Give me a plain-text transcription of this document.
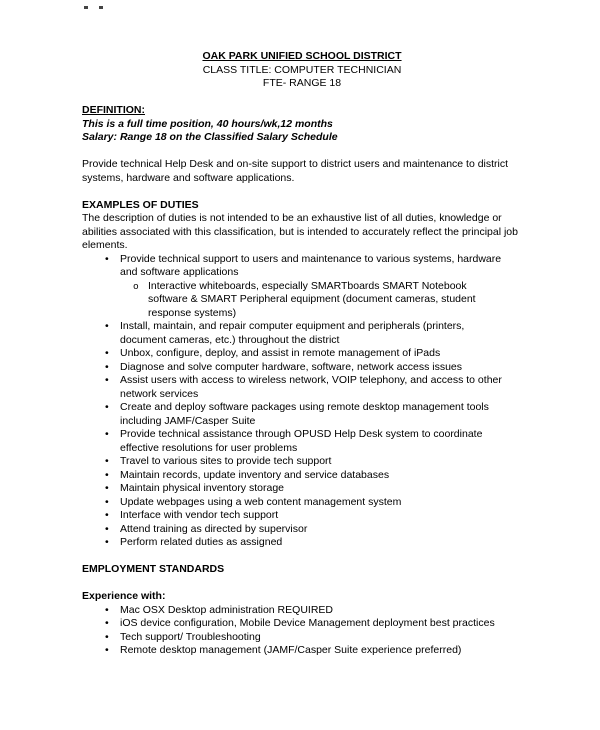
OAK PARK UNIFIED SCHOOL DISTRICT
CLASS TITLE: COMPUTER TECHNICIAN
FTE- RANGE 18
DEFINITION:
This is a full time position, 40 hours/wk,12 months
Salary: Range 18 on the Classified Salary Schedule

Provide technical Help Desk and on-site support to district users and maintenance to district systems, hardware and software applications.

EXAMPLES OF DUTIES

The description of duties is not intended to be an exhaustive list of all duties, knowledge or abilities associated with this classification, but is intended to accurately reflect the principal job elements.

• Provide technical support to users and maintenance to various systems, hardware and software applications
o Interactive whiteboards, especially SMARTboards SMART Notebook software & SMART Peripheral equipment (document cameras, student response systems)
• Install, maintain, and repair computer equipment and peripherals (printers, document cameras, etc.) throughout the district
• Unbox, configure, deploy, and assist in remote management of iPads
• Diagnose and solve computer hardware, software, network access issues
• Assist users with access to wireless network, VOIP telephony, and access to other network services
• Create and deploy software packages using remote desktop management tools including JAMF/Casper Suite
• Provide technical assistance through OPUSD Help Desk system to coordinate effective resolutions for user problems
• Travel to various sites to provide tech support
• Maintain records, update inventory and service databases
• Maintain physical inventory storage
• Update webpages using a web content management system
• Interface with vendor tech support
• Attend training as directed by supervisor
• Perform related duties as assigned
EMPLOYMENT STANDARDS
Experience with:
• Mac OSX Desktop administration REQUIRED
• iOS device configuration, Mobile Device Management deployment best practices
• Tech support/ Troubleshooting
• Remote desktop management (JAMF/Casper Suite experience preferred)
